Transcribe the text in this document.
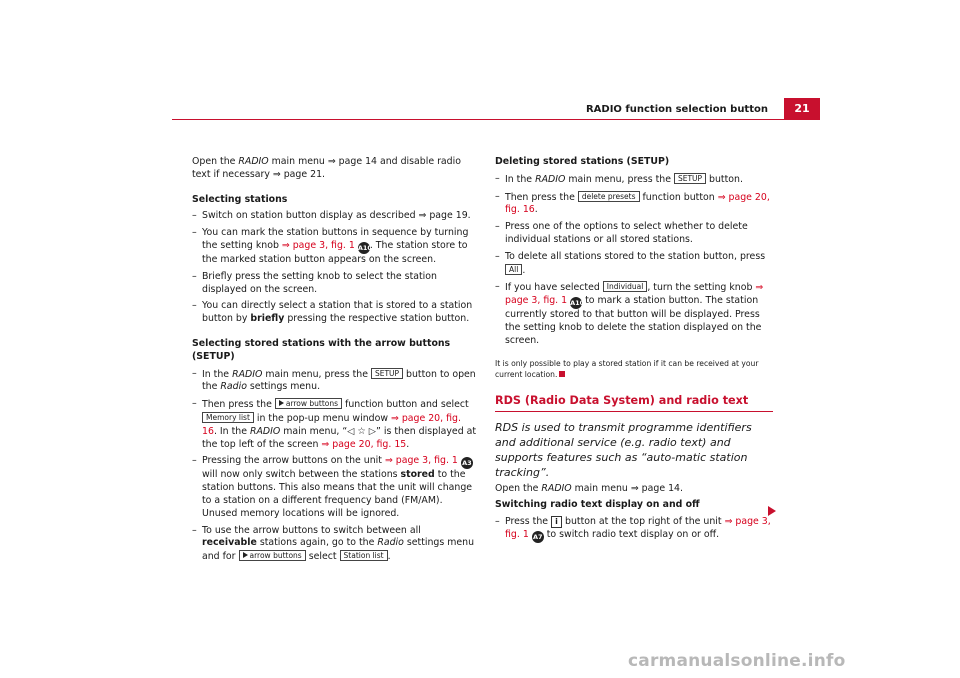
RADIO function selection button	21

Open the RADIO main menu ⇒ page 14 and disable radio text if necessary ⇒ page 21.

Selecting stations

– Switch on station button display as described ⇒ page 19.
– You can mark the station buttons in sequence by turning the setting knob ⇒ page 3, fig. 1 A10. The station store to the marked station button appears on the screen.
– Briefly press the setting knob to select the station displayed on the screen.
– You can directly select a station that is stored to a station button by briefly pressing the respective station button.

Selecting stored stations with the arrow buttons (SETUP)

– In the RADIO main menu, press the SETUP button to open the Radio settings menu.
– Then press the arrow buttons function button and select Memory list in the pop-up menu window ⇒ page 20, fig. 16. In the RADIO main menu, “◁ ☆ ▷” is then displayed at the top left of the screen ⇒ page 20, fig. 15.
– Pressing the arrow buttons on the unit ⇒ page 3, fig. 1 A3 will now only switch between the stations stored to the station buttons. This also means that the unit will change to a station on a different frequency band (FM/AM). Unused memory locations will be ignored.
– To use the arrow buttons to switch between all receivable stations again, go to the Radio settings menu and for arrow buttons select Station list .

Deleting stored stations (SETUP)

– In the RADIO main menu, press the SETUP button.
– Then press the delete presets function button ⇒ page 20, fig. 16.
– Press one of the options to select whether to delete individual stations or all stored stations.
– To delete all stations stored to the station button, press All .
– If you have selected Individual , turn the setting knob ⇒ page 3, fig. 1 A10 to mark a station button. The station currently stored to that button will be displayed. Press the setting knob to delete the station displayed on the screen.

It is only possible to play a stored station if it can be received at your current location.

RDS (Radio Data System) and radio text

RDS is used to transmit programme identifiers and additional service (e.g. radio text) and supports features such as “auto-matic station tracking”.

Open the RADIO main menu ⇒ page 14.

Switching radio text display on and off

– Press the i button at the top right of the unit ⇒ page 3, fig. 1 A7 to switch radio text display on or off.
carmanualsonline.info
